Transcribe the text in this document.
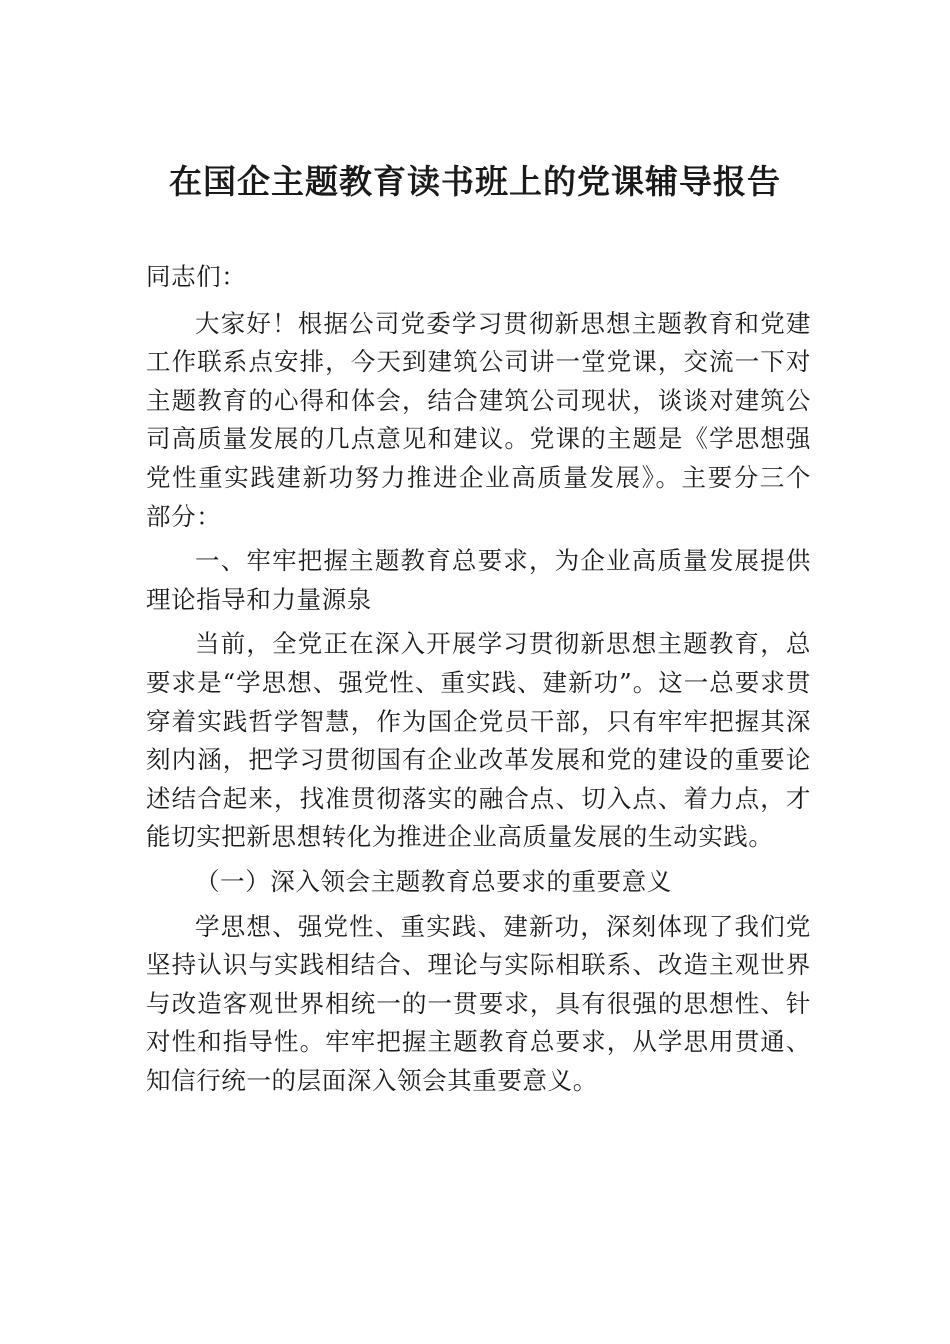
在国企主题教育读书班上的党课辅导报告

同志们：

大家好！根据公司党委学习贯彻新思想主题教育和党建工作联系点安排，今天到建筑公司讲一堂党课，交流一下对主题教育的心得和体会，结合建筑公司现状，谈谈对建筑公司高质量发展的几点意见和建议。党课的主题是《学思想强党性重实践建新功努力推进企业高质量发展》。主要分三个 部分：

一、牢牢把握主题教育总要求，为企业高质量发展提供理论指导和力量源泉

当前，全党正在深入开展学习贯彻新思想主题教育，总要求是“学思想、强党性、重实践、建新功”。这一总要求贯穿着实践哲学智慧，作为国企党员干部，只有牢牢把握其深刻内涵，把学习贯彻国有企业改革发展和党的建设的重要论述结合起来，找准贯彻落实的融合点、切入点、着力点，才能切实把新思想转化为推进企业高质量发展的生动实践。

（一）深入领会主题教育总要求的重要意义

学思想、强党性、重实践、建新功，深刻体现了我们党坚持认识与实践相结合、理论与实际相联系、改造主观世界与改造客观世界相统一的一贯要求，具有很强的思想性、针对性和指导性。牢牢把握主题教育总要求，从学思用贯通、 知信行统一的层面深入领会其重要意义。
